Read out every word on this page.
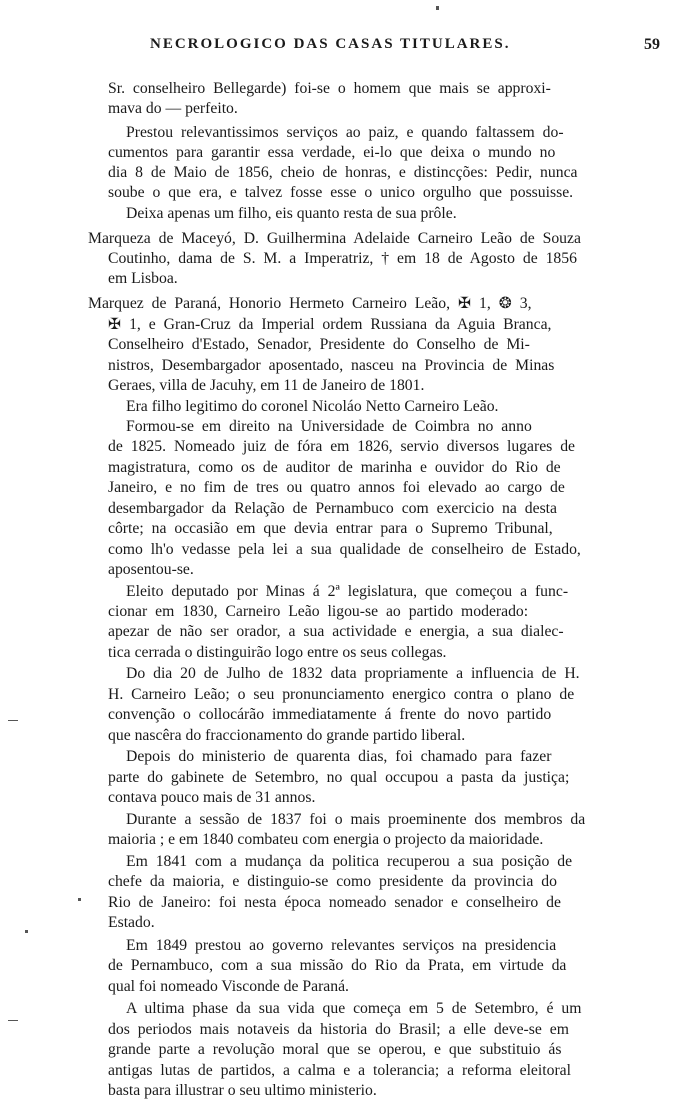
NECROLOGICO DAS CASAS TITULARES.	59
Sr. conselheiro Bellegarde) foi-se o homem que mais se approxi-
mava do — perfeito.
Prestou relevantissimos serviços ao paiz, e quando faltassem do-
cumentos para garantir essa verdade, ei-lo que deixa o mundo no
dia 8 de Maio de 1856, cheio de honras, e distincções: Pedir, nunca
soube o que era, e talvez fosse esse o unico orgulho que possuisse.
Deixa apenas um filho, eis quanto resta de sua prôle.
Marqueza de Maceyó, D. Guilhermina Adelaide Carneiro Leão de Souza
Coutinho, dama de S. M. a Imperatriz, † em 18 de Agosto de 1856
em Lisboa.
Marquez de Paraná, Honorio Hermeto Carneiro Leão, ✠ 1, ❂ 3,
✠ 1, e Gran-Cruz da Imperial ordem Russiana da Aguia Branca,
Conselheiro d'Estado, Senador, Presidente do Conselho de Mi-
nistros, Desembargador aposentado, nasceu na Provincia de Minas
Geraes, villa de Jacuhy, em 11 de Janeiro de 1801.
Era filho legitimo do coronel Nicoláo Netto Carneiro Leão.
Formou-se em direito na Universidade de Coimbra no anno
de 1825. Nomeado juiz de fóra em 1826, servio diversos lugares de
magistratura, como os de auditor de marinha e ouvidor do Rio de
Janeiro, e no fim de tres ou quatro annos foi elevado ao cargo de
desembargador da Relação de Pernambuco com exercicio na desta
côrte; na occasião em que devia entrar para o Supremo Tribunal,
como lh'o vedasse pela lei a sua qualidade de conselheiro de Estado,
aposentou-se.
Eleito deputado por Minas á 2ª legislatura, que começou a func-
cionar em 1830, Carneiro Leão ligou-se ao partido moderado:
apezar de não ser orador, a sua actividade e energia, a sua dialec-
tica cerrada o distinguirão logo entre os seus collegas.
Do dia 20 de Julho de 1832 data propriamente a influencia de H.
H. Carneiro Leão; o seu pronunciamento energico contra o plano de
convenção o collocárão immediatamente á frente do novo partido
que nascêra do fraccionamento do grande partido liberal.
Depois do ministerio de quarenta dias, foi chamado para fazer
parte do gabinete de Setembro, no qual occupou a pasta da justiça;
contava pouco mais de 31 annos.
Durante a sessão de 1837 foi o mais proeminente dos membros da
maioria ; e em 1840 combateu com energia o projecto da maioridade.
Em 1841 com a mudança da politica recuperou a sua posição de
chefe da maioria, e distinguio-se como presidente da provincia do
Rio de Janeiro: foi nesta época nomeado senador e conselheiro de
Estado.
Em 1849 prestou ao governo relevantes serviços na presidencia
de Pernambuco, com a sua missão do Rio da Prata, em virtude da
qual foi nomeado Visconde de Paraná.
A ultima phase da sua vida que começa em 5 de Setembro, é um
dos periodos mais notaveis da historia do Brasil; a elle deve-se em
grande parte a revolução moral que se operou, e que substituio ás
antigas lutas de partidos, a calma e a tolerancia; a reforma eleitoral
basta para illustrar o seu ultimo ministerio.
